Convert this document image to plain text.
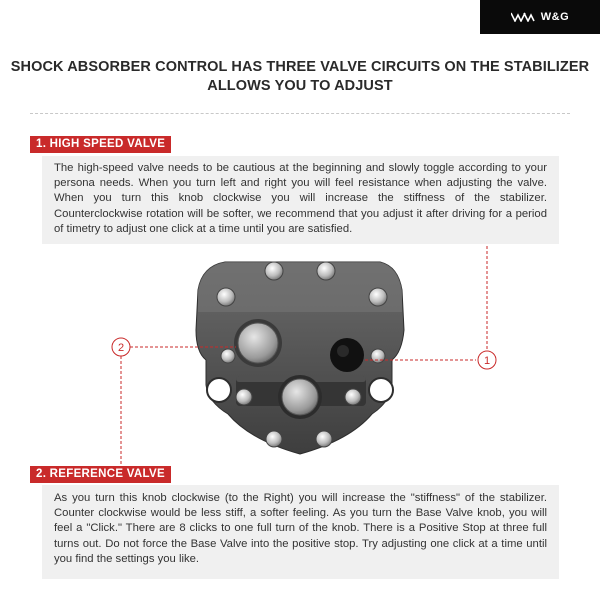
W&G
SHOCK ABSORBER CONTROL HAS THREE VALVE CIRCUITS ON THE STABILIZER
ALLOWS YOU TO ADJUST
1. HIGH SPEED VALVE
The high-speed valve needs to be cautious at the beginning and slowly toggle according to your persona needs. When you turn left and right you will feel resistance when adjusting the valve. When you turn this knob clockwise you will increase the stiffness of the stabilizer. Counterclockwise rotation will be softer, we recommend that you adjust it after driving for a period of timetry to adjust one click at a time until you are satisfied.
1
2
2. REFERENCE VALVE
As you turn this knob clockwise (to the Right) you will increase the "stiffness" of the stabilizer. Counter clockwise would be less stiff, a softer feeling. As you turn the Base Valve knob, you will feel a "Click." There are 8 clicks to one full turn of the knob. There is a Positive Stop at three full turns out. Do not force the Base Valve into the positive stop. Try adjusting one click at a time until you find the settings you like.
